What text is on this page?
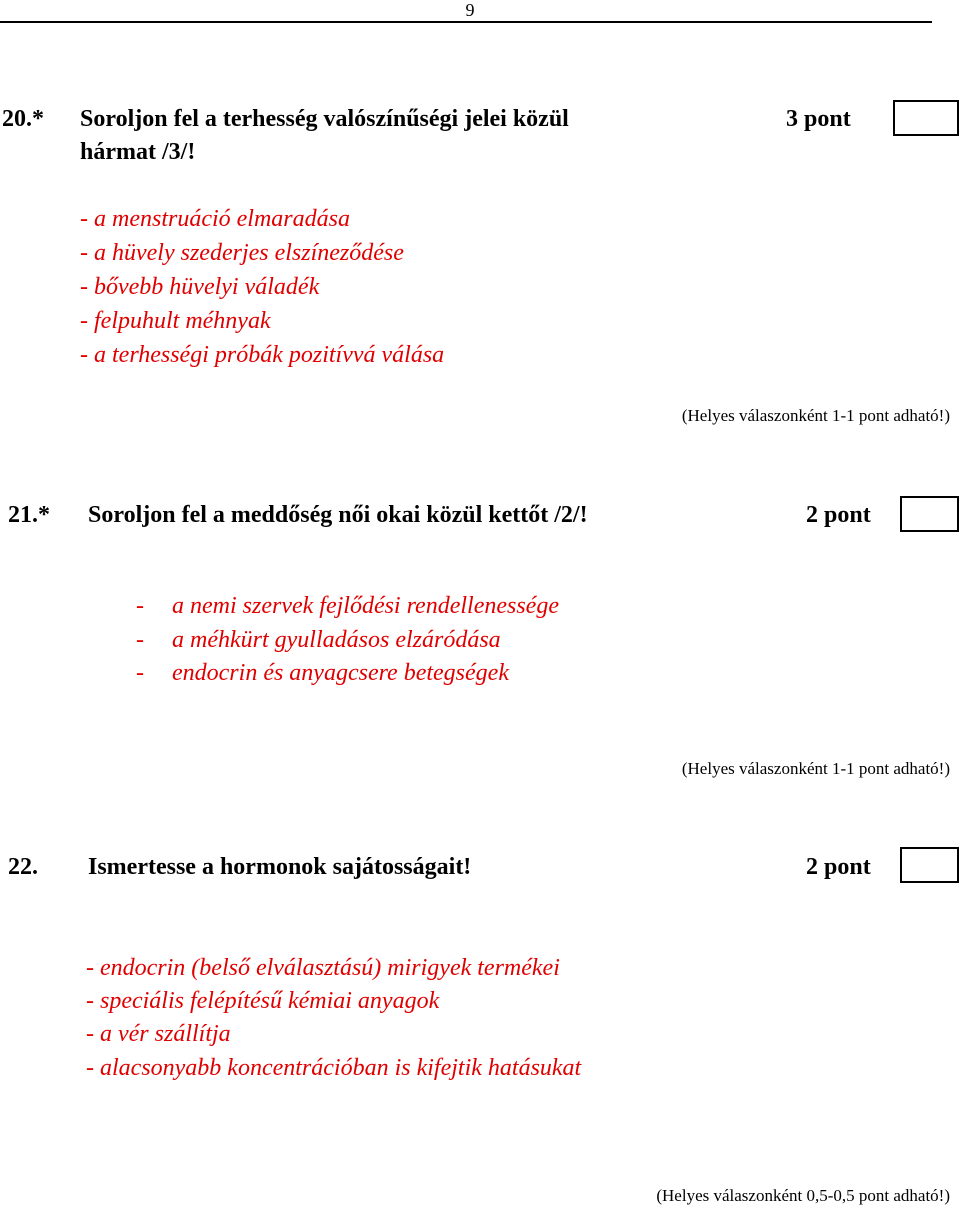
9
20.* Soroljon fel a terhesség valószínűségi jelei közül
hármat /3/!
3 pont
- a menstruáció elmaradása
- a hüvely szederjes elszíneződése
- bővebb hüvelyi váladék
- felpuhult méhnyak
- a terhességi próbák pozitívvá válása
(Helyes válaszonként 1-1 pont adható!)
21.* Soroljon fel a meddőség női okai közül kettőt /2/!	2 pont
- a nemi szervek fejlődési rendellenessége
- a méhkürt gyulladásos elzáródása
- endocrin és anyagcsere betegségek
(Helyes válaszonként 1-1 pont adható!)
22. Ismertesse a hormonok sajátosságait!	2 pont
- endocrin (belső elválasztású) mirigyek termékei
- speciális felépítésű kémiai anyagok
- a vér szállítja
- alacsonyabb koncentrációban is kifejtik hatásukat
(Helyes válaszonként 0,5-0,5 pont adható!)
